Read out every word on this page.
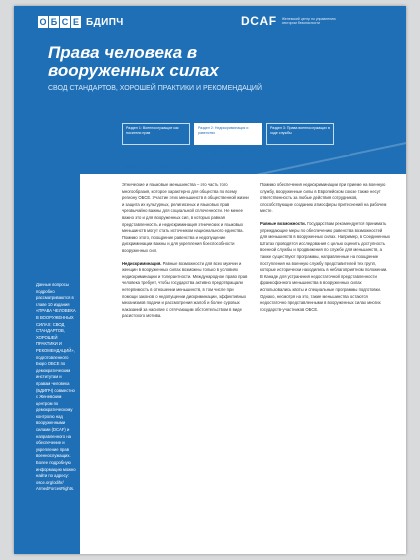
О Б С Е БДИПЧ	DCAF Женевский центр по управлению сектором безопасности
Права человека в вооруженных силах
СВОД СТАНДАРТОВ, ХОРОШЕЙ ПРАКТИКИ И РЕКОМЕНДАЦИЙ
Раздел 1: Военнослужащие как носители прав
Раздел 2: Недискриминация и равенство
Раздел 3: Права военнослужащих в ходе службы
Данные вопросы подробно рассматриваются в главе 10 издания «ПРАВА ЧЕЛОВЕКА В ВООРУЖЕННЫХ СИЛАХ: СВОД СТАНДАРТОВ, ХОРОШЕЙ ПРАКТИКИ И РЕКОМЕНДАЦИЙ», подготовленного Бюро ОБСЕ по демократическим институтам и правам человека (БДИПЧ) совместно с Женевским центром по демократическому контролю над вооруженными силами (DCAF) и направленного на обеспечение и укрепление прав военнослужащих. Более подробную информацию можно найти по адресу: osce.org/odihr/ ArmedForcesRights.
Этнические и языковые меньшинства в вооруженных силах

Этнические и языковые меньшинства – это часть того многообразия, которое характерно для общества по всему региону ОБСЕ. Участие этих меньшинств в общественной жизни и защита их культурных, религиозных и языковых прав чрезвычайно важны для социальной сплоченности. Не менее важно это и для вооруженных сил, в которых равная представленность и недискриминация этнических и языковых меньшинств могут стать источником национального единства. Помимо этого, поощрение равенства и недопущение дискриминации важны и для укрепления боеспособности вооруженных сил.

Недискриминация. Равные возможности для всех мужчин и женщин в вооруженных силах возможны только в условиях недискриминации и толерантности. Международное право прав человека требует, чтобы государства активно предотвращали нетерпимость в отношении меньшинств, в том числе при помощи законов о недопущении дискриминации, эффективных механизмов подачи и рассмотрения жалоб и более суровых наказаний за насилие с отягчающим обстоятельством в виде расистского мотива.

Помимо обеспечения недискриминации при приеме на военную службу, вооруженные силы в Европейском союзе также несут ответственность за любые действия сотрудников, способствующие созданию атмосферы притеснений на рабочем месте.

Равные возможности. Государствам рекомендуется принимать упреждающие меры по обеспечению равенства возможностей для меньшинств в вооруженных силах. Например, в Соединенных Штатах проводятся исследования с целью оценить доступность военной службы и продвижения по службе для меньшинств, а также существуют программы, направленные на поощрение поступления на военную службу представителей тех групп, которые исторически находились в неблагоприятном положении. В Канаде для устранения недостаточной представленности франкофонного меньшинства в вооруженных силах использовались квоты и специальные программы подготовки. Однако, несмотря на это, такие меньшинства остаются недостаточно представленными в вооруженных силах многих государств-участников ОБСЕ.
